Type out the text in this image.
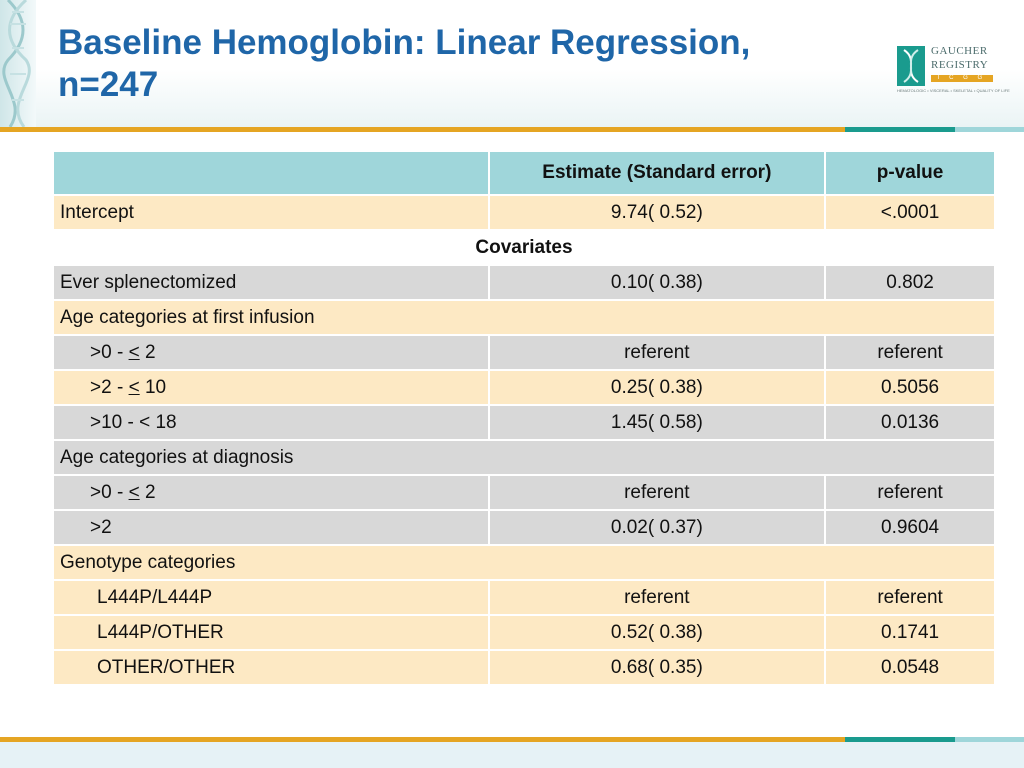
Baseline Hemoglobin: Linear Regression,
n=247
GAUCHER
REGISTRY
I C G G
HEMATOLOGIC • VISCERAL • SKELETAL • QUALITY OF LIFE
	Estimate (Standard error)	p-value
Intercept	9.74( 0.52)	<.0001
Covariates		
Ever splenectomized	0.10( 0.38)	0.802
Age categories at first infusion		
>0 - < 2	referent	referent
>2 - < 10	0.25( 0.38)	0.5056
>10 - < 18	1.45( 0.58)	0.0136
Age categories at diagnosis		
>0 - < 2	referent	referent
>2	0.02( 0.37)	0.9604
Genotype categories		
L444P/L444P	referent	referent
L444P/OTHER	0.52( 0.38)	0.1741
OTHER/OTHER	0.68( 0.35)	0.0548
